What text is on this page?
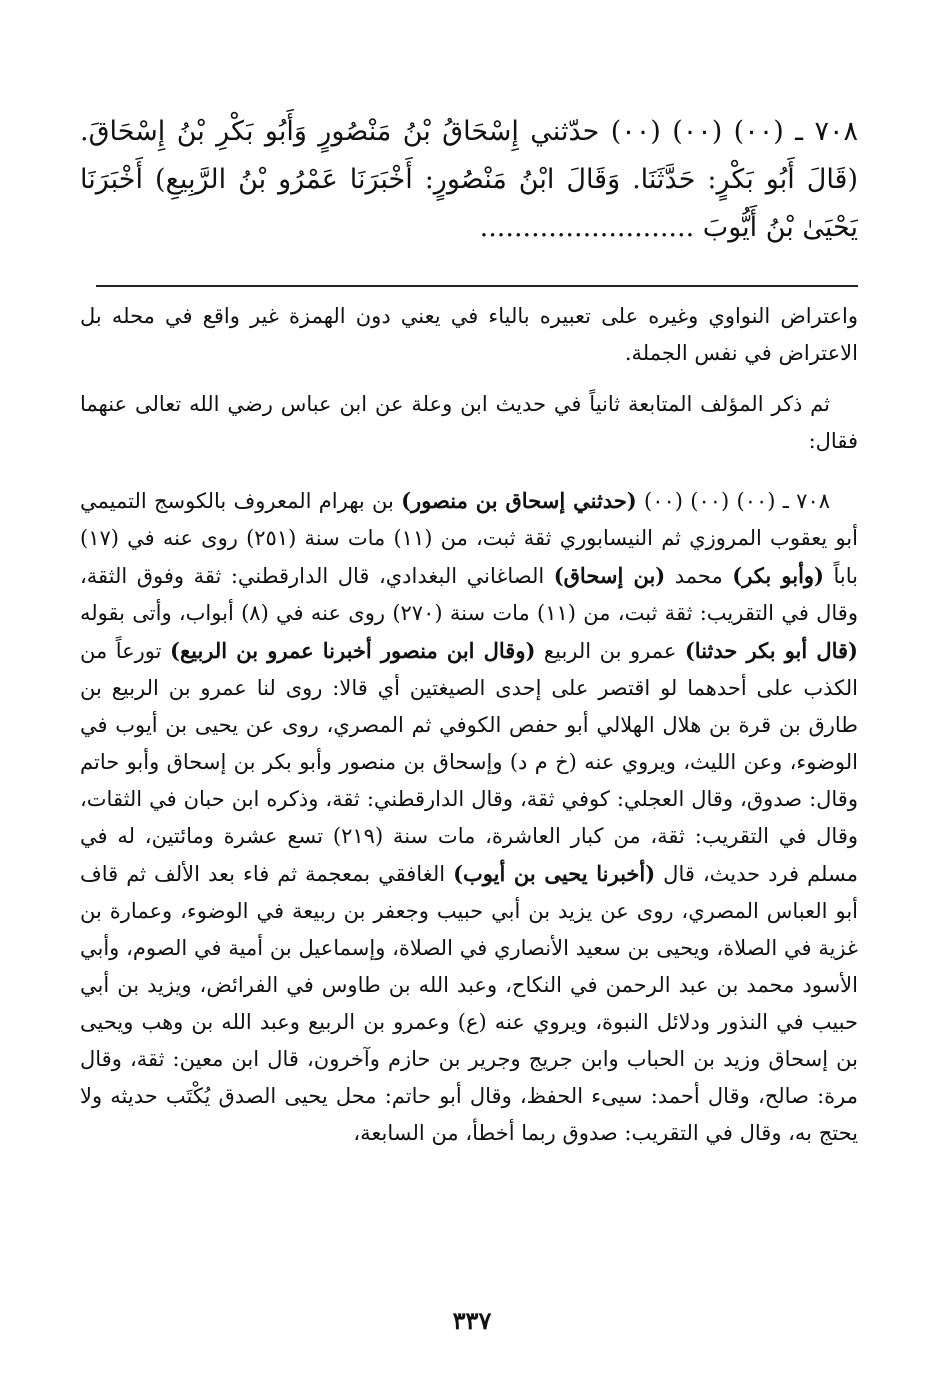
٧٠٨ ـ (٠٠) (٠٠) (٠٠) حدّثني إِسْحَاقُ بْنُ مَنْصُورٍ وَأَبُو بَكْرِ بْنُ إِسْحَاقَ. (قَالَ أَبُو بَكْرٍ: حَدَّثَنَا. وَقَالَ ابْنُ مَنْصُورٍ: أَخْبَرَنَا عَمْرُو بْنُ الرَّبِيعِ) أَخْبَرَنَا يَحْيَىٰ بْنُ أَيُّوبَ .........................

واعتراض النواوي وغيره على تعبيره بالياء في يعني دون الهمزة غير واقع في محله بل الاعتراض في نفس الجملة.

ثم ذكر المؤلف المتابعة ثانياً في حديث ابن وعلة عن ابن عباس رضي الله تعالى عنهما فقال:

٧٠٨ ـ (٠٠) (٠٠) (٠٠) (حدثني إسحاق بن منصور) بن بهرام المعروف بالكوسج التميمي أبو يعقوب المروزي ثم النيسابوري ثقة ثبت، من (١١) مات سنة (٢٥١) روى عنه في (١٧) باباً (وأبو بكر) محمد (بن إسحاق) الصاغاني البغدادي، قال الدارقطني: ثقة وفوق الثقة، وقال في التقريب: ثقة ثبت، من (١١) مات سنة (٢٧٠) روى عنه في (٨) أبواب، وأتى بقوله (قال أبو بكر حدثنا) عمرو بن الربيع (وقال ابن منصور أخبرنا عمرو بن الربيع) تورعاً من الكذب على أحدهما لو اقتصر على إحدى الصيغتين أي قالا: روى لنا عمرو بن الربيع بن طارق بن قرة بن هلال الهلالي أبو حفص الكوفي ثم المصري، روى عن يحيى بن أيوب في الوضوء، وعن الليث، ويروي عنه (خ م د) وإسحاق بن منصور وأبو بكر بن إسحاق وأبو حاتم وقال: صدوق، وقال العجلي: كوفي ثقة، وقال الدارقطني: ثقة، وذكره ابن حبان في الثقات، وقال في التقريب: ثقة، من كبار العاشرة، مات سنة (٢١٩) تسع عشرة ومائتين، له في مسلم فرد حديث، قال (أخبرنا يحيى بن أيوب) الغافقي بمعجمة ثم فاء بعد الألف ثم قاف أبو العباس المصري، روى عن يزيد بن أبي حبيب وجعفر بن ربيعة في الوضوء، وعمارة بن غزية في الصلاة، ويحيى بن سعيد الأنصاري في الصلاة، وإسماعيل بن أمية في الصوم، وأبي الأسود محمد بن عبد الرحمن في النكاح، وعبد الله بن طاوس في الفرائض، ويزيد بن أبي حبيب في النذور ودلائل النبوة، ويروي عنه (ع) وعمرو بن الربيع وعبد الله بن وهب ويحيى بن إسحاق وزيد بن الحباب وابن جريج وجرير بن حازم وآخرون، قال ابن معين: ثقة، وقال مرة: صالح، وقال أحمد: سيىء الحفظ، وقال أبو حاتم: محل يحيى الصدق يُكْتَب حديثه ولا يحتج به، وقال في التقريب: صدوق ربما أخطأ، من السابعة،

٣٣٧
